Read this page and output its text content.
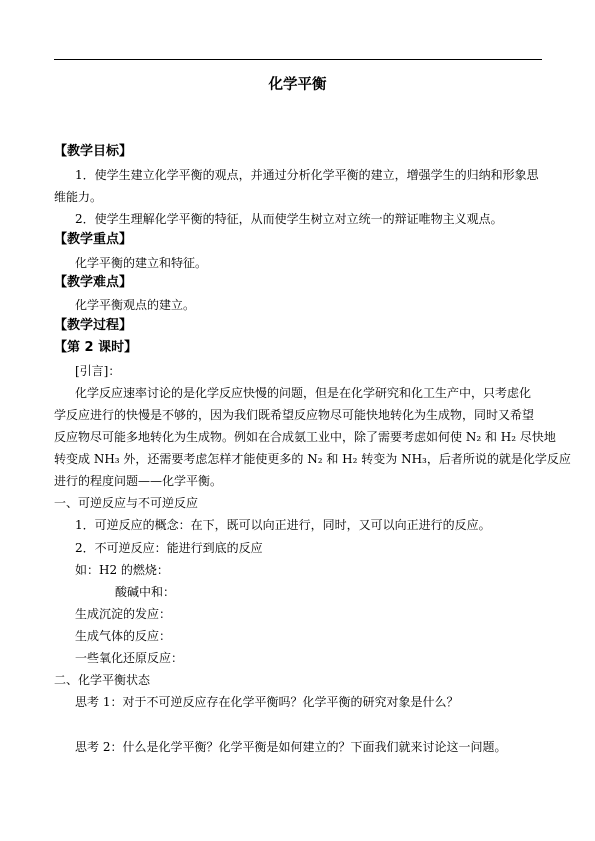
化学平衡
【教学目标】
1．使学生建立化学平衡的观点，并通过分析化学平衡的建立，增强学生的归纳和形象思
维能力。
2．使学生理解化学平衡的特征，从而使学生树立对立统一的辩证唯物主义观点。
【教学重点】
化学平衡的建立和特征。
【教学难点】
化学平衡观点的建立。
【教学过程】
【第 2 课时】
[引言]：
化学反应速率讨论的是化学反应快慢的问题，但是在化学研究和化工生产中，只考虑化
学反应进行的快慢是不够的，因为我们既希望反应物尽可能快地转化为生成物，同时又希望
反应物尽可能多地转化为生成物。例如在合成氨工业中，除了需要考虑如何使 N₂ 和 H₂ 尽快地
转变成 NH₃ 外，还需要考虑怎样才能使更多的 N₂ 和 H₂ 转变为 NH₃，后者所说的就是化学反应
进行的程度问题——化学平衡。
一、可逆反应与不可逆反应
1．可逆反应的概念：在下，既可以向正进行，同时，又可以向正进行的反应。
2．不可逆反应：能进行到底的反应
如：H2 的燃烧：
酸碱中和：
生成沉淀的发应：
生成气体的反应：
一些氧化还原反应：
二、化学平衡状态
思考 1：对于不可逆反应存在化学平衡吗？化学平衡的研究对象是什么？
思考 2：什么是化学平衡？化学平衡是如何建立的？下面我们就来讨论这一问题。
